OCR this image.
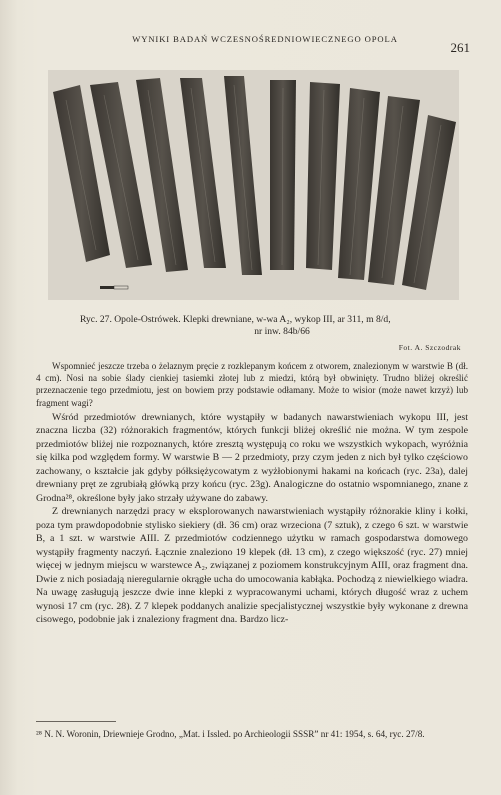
WYNIKI BADAŃ WCZESNOŚREDNIOWIECZNEGO OPOLA
261
Ryc. 27. Opole-Ostrówek. Klepki drewniane, w-wa A₂, wykop III, ar 311, m 8/d,
nr inw. 84b/66
Fot. A. Szczodrak

Wspomnieć jeszcze trzeba o żelaznym pręcie z rozklepanym końcem z otworem, znalezionym w warstwie B (dł. 4 cm). Nosi na sobie ślady cienkiej tasiemki złotej lub z miedzi, którą był obwinięty. Trudno bliżej określić przeznaczenie tego przedmiotu, jest on bowiem przy podstawie odłamany. Może to wisior (może nawet krzyż) lub fragment wagi?

Wśród przedmiotów drewnianych, które wystąpiły w badanych nawarstwieniach wykopu III, jest znaczna liczba (32) różnorakich fragmentów, których funkcji bliżej określić nie można. W tym zespole przedmiotów bliżej nie rozpoznanych, które zresztą występują co roku we wszystkich wykopach, wyróżnia się kilka pod względem formy. W warstwie B — 2 przedmioty, przy czym jeden z nich był tylko częściowo zachowany, o kształcie jak gdyby półksiężycowatym z wyżłobionymi hakami na końcach (ryc. 23a), dalej drewniany pręt ze zgrubiałą główką przy końcu (ryc. 23g). Analogiczne do ostatnio wspomnianego, znane z Grodna²⁸, określone były jako strzały używane do zabawy.

Z drewnianych narzędzi pracy w eksplorowanych nawarstwieniach wystąpiły różnorakie kliny i kołki, poza tym prawdopodobnie stylisko siekiery (dł. 36 cm) oraz wrzeciona (7 sztuk), z czego 6 szt. w warstwie B, a 1 szt. w warstwie AIII. Z przedmiotów codziennego użytku w ramach gospodarstwa domowego wystąpiły fragmenty naczyń. Łącznie znaleziono 19 klepek (dł. 13 cm), z czego większość (ryc. 27) mniej więcej w jednym miejscu w warstewce A₂, związanej z poziomem konstrukcyjnym AIII, oraz fragment dna. Dwie z nich posiadają nieregularnie okrągłe ucha do umocowania kabłąka. Pochodzą z niewielkiego wiadra. Na uwagę zasługują jeszcze dwie inne klepki z wypracowanymi uchami, których długość wraz z uchem wynosi 17 cm (ryc. 28). Z 7 klepek poddanych analizie specjalistycznej wszystkie były wykonane z drewna cisowego, podobnie jak i znaleziony fragment dna. Bardzo licz-

²⁸ N. N. Woronin, Driewnieje Grodno, „Mat. i Issled. po Archieologii SSSR” nr 41: 1954, s. 64, ryc. 27/8.
